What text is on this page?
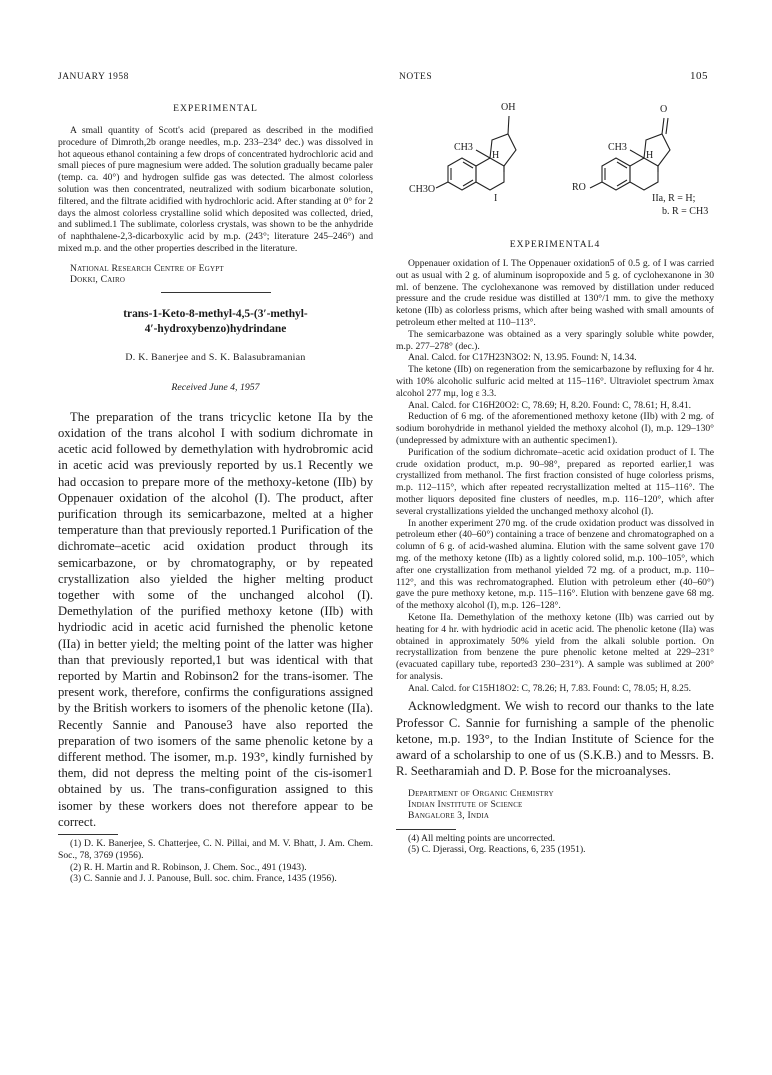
JANUARY 1958	NOTES	105
EXPERIMENTAL

A small quantity of Scott's acid (prepared as described in the modified procedure of Dimroth,2b orange needles, m.p. 233–234° dec.) was dissolved in hot aqueous ethanol containing a few drops of concentrated hydrochloric acid and small pieces of pure magnesium were added. The solution gradually became paler (temp. ca. 40°) and hydrogen sulfide gas was detected. The almost colorless solution was then concentrated, neutralized with sodium bicarbonate solution, filtered, and the filtrate acidified with hydrochloric acid. After standing at 0° for 2 days the almost colorless crystalline solid which deposited was collected, dried, and sublimed.1 The sublimate, colorless crystals, was shown to be the anhydride of naphthalene-2,3-dicarboxylic acid by m.p. (243°; literature 245–246°) and mixed m.p. and the other properties described in the literature.

National Research Centre of Egypt
Dokki, Cairo
trans-1-Keto-8-methyl-4,5-(3′-methyl-
4′-hydroxybenzo)hydrindane
D. K. Banerjee and S. K. Balasubramanian
Received June 4, 1957

The preparation of the trans tricyclic ketone IIa by the oxidation of the trans alcohol I with sodium dichromate in acetic acid followed by demethylation with hydrobromic acid in acetic acid was previously reported by us.1 Recently we had occasion to prepare more of the methoxy-ketone (IIb) by Oppenauer oxidation of the alcohol (I). The product, after purification through its semicarbazone, melted at a higher temperature than that previously reported.1 Purification of the dichromate–acetic acid oxidation product through its semicarbazone, or by chromatography, or by repeated crystallization also yielded the higher melting product together with some of the unchanged alcohol (I). Demethylation of the purified methoxy ketone (IIb) with hydriodic acid in acetic acid furnished the phenolic ketone (IIa) in better yield; the melting point of the latter was higher than that previously reported,1 but was identical with that reported by Martin and Robinson2 for the trans-isomer. The present work, therefore, confirms the configurations assigned by the British workers to isomers of the phenolic ketone (IIa). Recently Sannie and Panouse3 have also reported the preparation of two isomers of the same phenolic ketone by a different method. The isomer, m.p. 193°, kindly furnished by them, did not depress the melting point of the cis-isomer1 obtained by us. The trans-configuration assigned to this isomer by these workers does not therefore appear to be correct.

(1) D. K. Banerjee, S. Chatterjee, C. N. Pillai, and M. V. Bhatt, J. Am. Chem. Soc., 78, 3769 (1956).

(2) R. H. Martin and R. Robinson, J. Chem. Soc., 491 (1943).

(3) C. Sannie and J. J. Panouse, Bull. soc. chim. France, 1435 (1956).

OH	O
CH3	CH3
H	H
CH3O	RO
I	IIa, R = H;
b. R = CH3
EXPERIMENTAL4

Oppenauer oxidation of I. The Oppenauer oxidation5 of 0.5 g. of I was carried out as usual with 2 g. of aluminum isopropoxide and 5 g. of cyclohexanone in 30 ml. of benzene. The cyclohexanone was removed by distillation under reduced pressure and the crude residue was distilled at 130°/1 mm. to give the methoxy ketone (IIb) as colorless prisms, which after being washed with small amounts of petroleum ether melted at 110–113°.

The semicarbazone was obtained as a very sparingly soluble white powder, m.p. 277–278° (dec.).

Anal. Calcd. for C17H23N3O2: N, 13.95. Found: N, 14.34.

The ketone (IIb) on regeneration from the semicarbazone by refluxing for 4 hr. with 10% alcoholic sulfuric acid melted at 115–116°. Ultraviolet spectrum λmax alcohol 277 mμ, log ε 3.3.

Anal. Calcd. for C16H20O2: C, 78.69; H, 8.20. Found: C, 78.61; H, 8.41.

Reduction of 6 mg. of the aforementioned methoxy ketone (IIb) with 2 mg. of sodium borohydride in methanol yielded the methoxy alcohol (I), m.p. 129–130° (undepressed by admixture with an authentic specimen1).

Purification of the sodium dichromate–acetic acid oxidation product of I. The crude oxidation product, m.p. 90–98°, prepared as reported earlier,1 was crystallized from methanol. The first fraction consisted of huge colorless prisms, m.p. 112–115°, which after repeated recrystallization melted at 115–116°. The mother liquors deposited fine clusters of needles, m.p. 116–120°, which after several crystallizations yielded the unchanged methoxy alcohol (I).

In another experiment 270 mg. of the crude oxidation product was dissolved in petroleum ether (40–60°) containing a trace of benzene and chromatographed on a column of 6 g. of acid-washed alumina. Elution with the same solvent gave 170 mg. of the methoxy ketone (IIb) as a lightly colored solid, m.p. 100–105°, which after one crystallization from methanol yielded 72 mg. of a product, m.p. 110–112°, and this was rechromatographed. Elution with petroleum ether (40–60°) gave the pure methoxy ketone, m.p. 115–116°. Elution with benzene gave 68 mg. of the methoxy alcohol (I), m.p. 126–128°.

Ketone IIa. Demethylation of the methoxy ketone (IIb) was carried out by heating for 4 hr. with hydriodic acid in acetic acid. The phenolic ketone (IIa) was obtained in approximately 50% yield from the alkali soluble portion. On recrystallization from benzene the pure phenolic ketone melted at 229–231° (evacuated capillary tube, reported3 230–231°). A sample was sublimed at 200° for analysis.

Anal. Calcd. for C15H18O2: C, 78.26; H, 7.83. Found: C, 78.05; H, 8.25.

Acknowledgment. We wish to record our thanks to the late Professor C. Sannie for furnishing a sample of the phenolic ketone, m.p. 193°, to the Indian Institute of Science for the award of a scholarship to one of us (S.K.B.) and to Messrs. B. R. Seetharamiah and D. P. Bose for the microanalyses.

Department of Organic Chemistry
Indian Institute of Science
Bangalore 3, India

(4) All melting points are uncorrected.

(5) C. Djerassi, Org. Reactions, 6, 235 (1951).
